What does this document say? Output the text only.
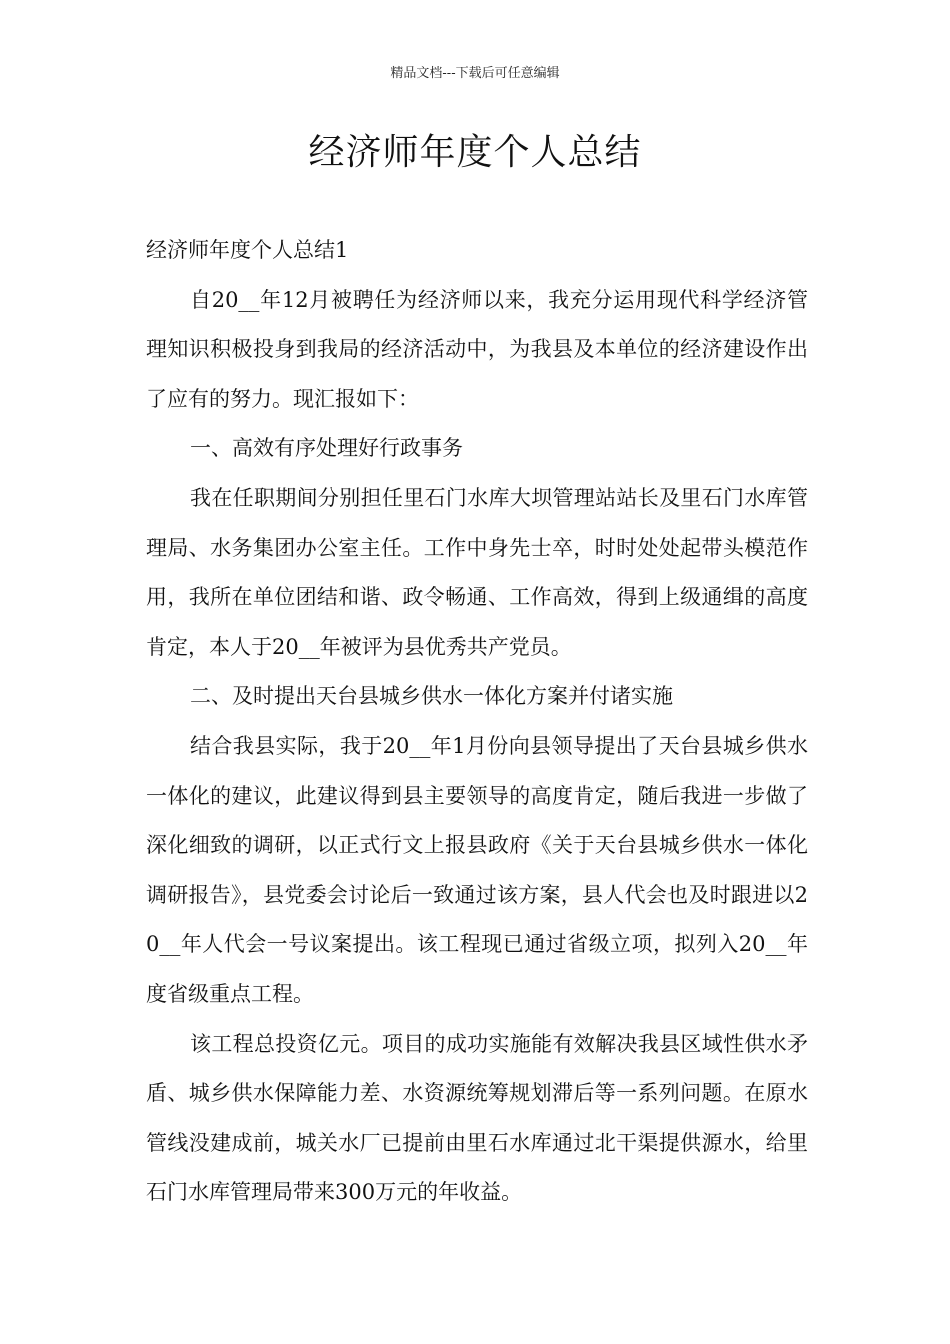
精品文档---下载后可任意编辑
经济师年度个人总结

经济师年度个人总结1

自20__年12月被聘任为经济师以来，我充分运用现代科学经济管理知识积极投身到我局的经济活动中，为我县及本单位的经济建设作出了应有的努力。现汇报如下：

一、高效有序处理好行政事务

我在任职期间分别担任里石门水库大坝管理站站长及里石门水库管理局、水务集团办公室主任。工作中身先士卒，时时处处起带头模范作用，我所在单位团结和谐、政令畅通、工作高效，得到上级通缉的高度肯定，本人于20__年被评为县优秀共产党员。

二、及时提出天台县城乡供水一体化方案并付诸实施

结合我县实际，我于20__年1月份向县领导提出了天台县城乡供水一体化的建议，此建议得到县主要领导的高度肯定，随后我进一步做了深化细致的调研，以正式行文上报县政府《关于天台县城乡供水一体化调研报告》，县党委会讨论后一致通过该方案，县人代会也及时跟进以20__年人代会一号议案提出。该工程现已通过省级立项，拟列入20__年度省级重点工程。

该工程总投资亿元。项目的成功实施能有效解决我县区域性供水矛盾、城乡供水保障能力差、水资源统筹规划滞后等一系列问题。在原水管线没建成前，城关水厂已提前由里石水库通过北干渠提供源水，给里石门水库管理局带来300万元的年收益。
